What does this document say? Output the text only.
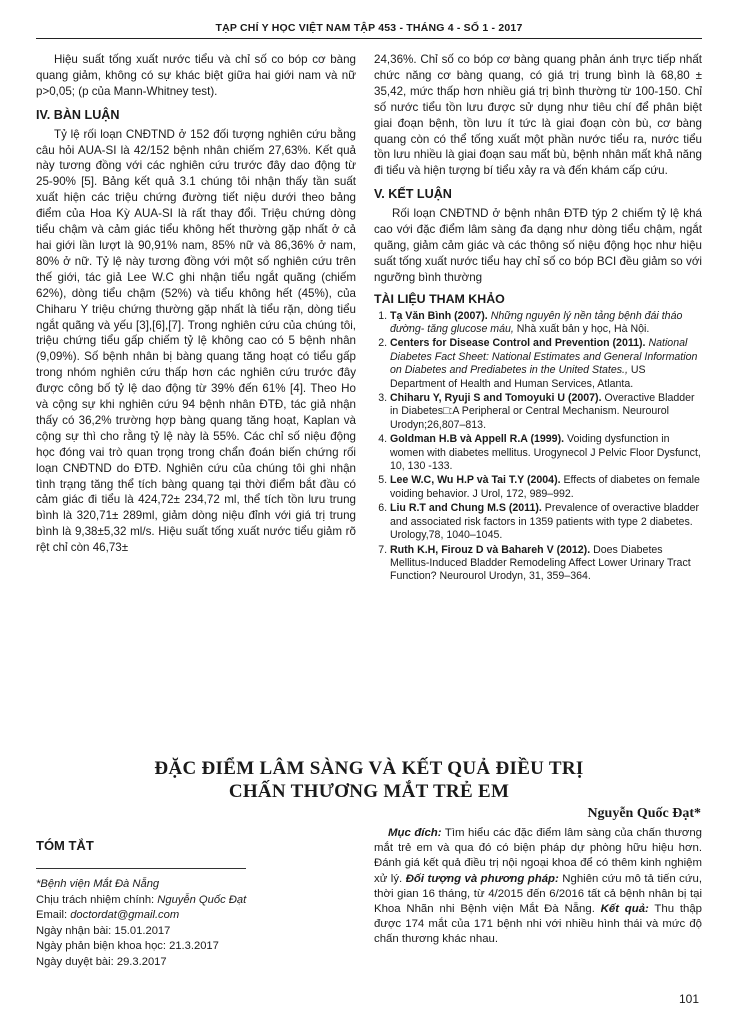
TẠP CHÍ Y HỌC VIỆT NAM TẬP 453 - THÁNG 4 - SỐ 1 - 2017

Hiệu suất tống xuất nước tiểu và chỉ số co bóp cơ bàng quang giảm, không có sự khác biệt giữa hai giới nam và nữ p>0,05; (p của Mann-Whitney test).

IV. BÀN LUẬN

Tỷ lệ rối loạn CNĐTND ở 152 đối tượng nghiên cứu bằng câu hỏi AUA-SI là 42/152 bệnh nhân chiếm 27,63%. Kết quả này tương đồng với các nghiên cứu trước đây dao động từ 25-90% [5]. Bảng kết quả 3.1 chúng tôi nhận thấy tần suất xuất hiện các triệu chứng đường tiết niệu dưới theo bảng điểm của Hoa Kỳ AUA-SI là rất thay đổi. Triệu chứng dòng tiểu chậm và cảm giác tiểu không hết thường gặp nhất ở cả hai giới lần lượt là 90,91% nam, 85% nữ và 86,36% ở nam, 80% ở nữ. Tỷ lệ này tương đồng với một số nghiên cứu trên thế giới, tác giả Lee W.C ghi nhận tiểu ngắt quãng (chiếm 62%), dòng tiểu chậm (52%) và tiểu không hết (45%), của Chiharu Y triệu chứng thường gặp nhất là tiểu rặn, dòng tiểu ngắt quãng và yếu [3],[6],[7]. Trong nghiên cứu của chúng tôi, triệu chứng tiểu gấp chiếm tỷ lệ không cao có 5 bệnh nhân (9,09%). Số bệnh nhân bị bàng quang tăng hoạt có tiểu gấp trong nhóm nghiên cứu thấp hơn các nghiên cứu trước đây được công bố tỷ lệ dao động từ 39% đến 61% [4]. Theo Ho và cộng sự khi nghiên cứu 94 bệnh nhân ĐTĐ, tác giả nhận thấy có 36,2% trường hợp bàng quang tăng hoạt, Kaplan và cộng sự thì cho rằng tỷ lệ này là 55%. Các chỉ số niệu động học đóng vai trò quan trọng trong chẩn đoán biến chứng rối loạn CNĐTND do ĐTĐ. Nghiên cứu của chúng tôi ghi nhận tình trạng tăng thể tích bàng quang tại thời điểm bắt đầu có cảm giác đi tiểu là 424,72± 234,72 ml, thể tích tồn lưu trung bình là 320,71± 289ml, giảm dòng niệu đỉnh với giá trị trung bình là 9,38±5,32 ml/s. Hiệu suất tống xuất nước tiểu giảm rõ rệt chỉ còn 46,73±

24,36%. Chỉ số co bóp cơ bàng quang phản ánh trực tiếp nhất chức năng cơ bàng quang, có giá trị trung bình là 68,80 ± 35,42, mức thấp hơn nhiều giá trị bình thường từ 100-150. Chỉ số nước tiểu tồn lưu được sử dụng như tiêu chí để phân biệt giai đoạn bệnh, tồn lưu ít tức là giai đoạn còn bù, cơ bàng quang còn có thể tống xuất một phần nước tiểu ra, nước tiểu tồn lưu nhiều là giai đoạn sau mất bù, bệnh nhân mất khả năng đi tiểu và hiện tượng bí tiểu xảy ra và đến khám cấp cứu.

V. KẾT LUẬN

Rối loạn CNĐTND ở bệnh nhân ĐTĐ týp 2 chiếm tỷ lệ khá cao với đặc điểm lâm sàng đa dạng như dòng tiểu chậm, ngắt quãng, giảm cảm giác và các thông số niệu động học như hiệu suất tống xuất nước tiểu hay chỉ số co bóp BCI đều giảm so với ngưỡng bình thường

TÀI LIỆU THAM KHẢO
1. Tạ Văn Bình (2007). Những nguyên lý nền tảng bệnh đái tháo đường- tăng glucose máu, Nhà xuất bản y học, Hà Nội.
2. Centers for Disease Control and Prevention (2011). National Diabetes Fact Sheet: National Estimates and General Information on Diabetes and Prediabetes in the United States., US Department of Health and Human Services, Atlanta.
3. Chiharu Y, Ryuji S and Tomoyuki U (2007). Overactive Bladder in Diabetes□:A Peripheral or Central Mechanism. Neurourol Urodyn;26,807–813.
4. Goldman H.B và Appell R.A (1999). Voiding dysfunction in women with diabetes mellitus. Urogynecol J Pelvic Floor Dysfunct, 10, 130 -133.
5. Lee W.C, Wu H.P và Tai T.Y (2004). Effects of diabetes on female voiding behavior. J Urol, 172, 989–992.
6. Liu R.T and Chung M.S (2011). Prevalence of overactive bladder and associated risk factors in 1359 patients with type 2 diabetes. Urology,78, 1040–1045.
7. Ruth K.H, Firouz D và Bahareh V (2012). Does Diabetes Mellitus-Induced Bladder Remodeling Affect Lower Urinary Tract Function? Neurourol Urodyn, 31, 359–364.
ĐẶC ĐIỂM LÂM SÀNG VÀ KẾT QUẢ ĐIỀU TRỊ
CHẤN THƯƠNG MẮT TRẺ EM
Nguyễn Quốc Đạt*
TÓM TẮT
*Bệnh viện Mắt Đà Nẵng
Chịu trách nhiệm chính: Nguyễn Quốc Đạt
Email: doctordat@gmail.com
Ngày nhận bài: 15.01.2017
Ngày phản biện khoa học: 21.3.2017
Ngày duyệt bài: 29.3.2017

Mục đích: Tìm hiểu các đặc điểm lâm sàng của chấn thương mắt trẻ em và qua đó có biện pháp dự phòng hữu hiệu hơn. Đánh giá kết quả điều trị nội ngoại khoa để có thêm kinh nghiệm xử lý. Đối tượng và phương pháp: Nghiên cứu mô tả tiến cứu, thời gian 16 tháng, từ 4/2015 đến 6/2016 tất cả bệnh nhân bị tại Khoa Nhãn nhi Bệnh viện Mắt Đà Nẵng. Kết quả: Thu thập được 174 mắt của 171 bệnh nhi với nhiều hình thái và mức độ chấn thương khác nhau.

101
